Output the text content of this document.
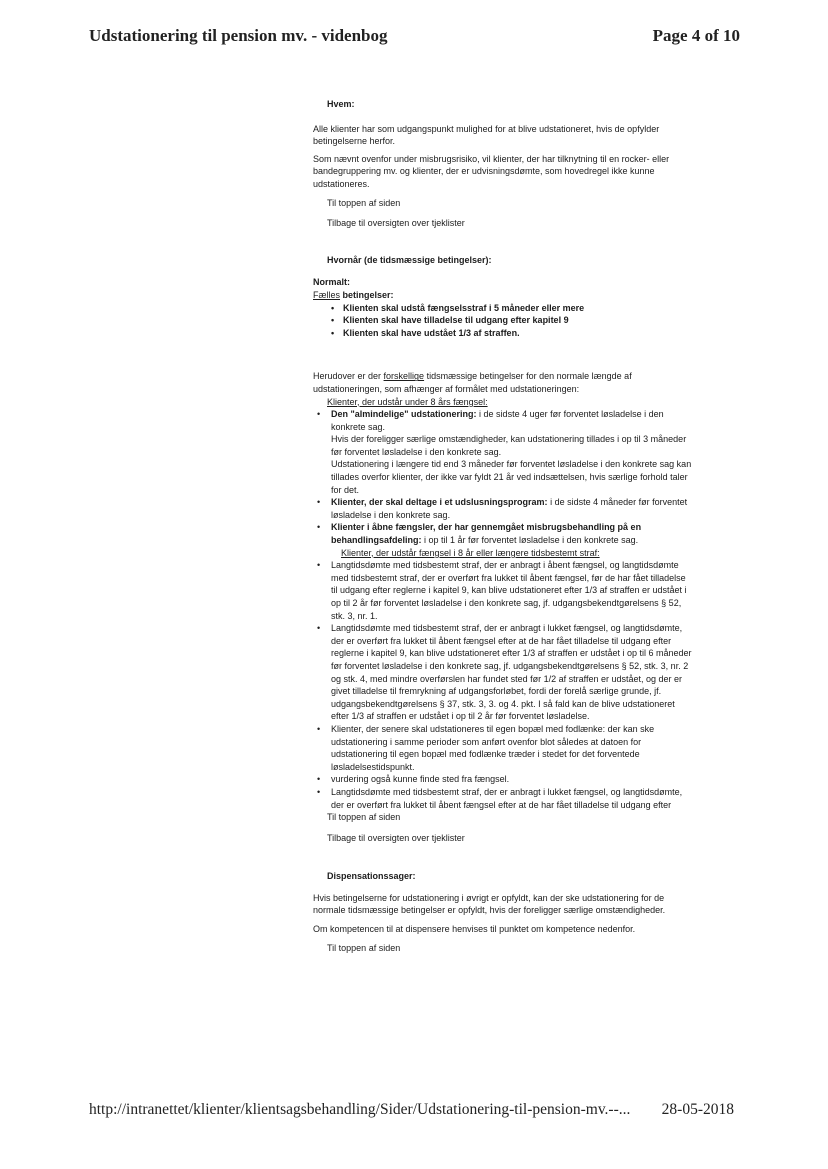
Udstationering til pension mv. - videnbog	Page 4 of 10

Hvem:

Alle klienter har som udgangspunkt mulighed for at blive udstationeret, hvis de opfylder betingelserne herfor.

Som nævnt ovenfor under misbrugsrisiko, vil klienter, der har tilknytning til en rocker- eller bandegruppering mv. og klienter, der er udvisningsdømte, som hovedregel ikke kunne udstationeres.

Til toppen af siden

Tilbage til oversigten over tjeklister

Hvornår (de tidsmæssige betingelser):

Normalt:

Fælles betingelser:

• Klienten skal udstå fængselsstraf i 5 måneder eller mere
• Klienten skal have tilladelse til udgang efter kapitel 9
• Klienten skal have udstået 1/3 af straffen.

Herudover er der forskellige tidsmæssige betingelser for den normale længde af udstationeringen, som afhænger af formålet med udstationeringen:

Klienter, der udstår under 8 års fængsel:

• Den "almindelige" udstationering: i de sidste 4 uger før forventet løsladelse i den konkrete sag.
Hvis der foreligger særlige omstændigheder, kan udstationering tillades i op til 3 måneder før forventet løsladelse i den konkrete sag.
Udstationering i længere tid end 3 måneder før forventet løsladelse i den konkrete sag kan tillades overfor klienter, der ikke var fyldt 21 år ved indsættelsen, hvis særlige forhold taler for det.
• Klienter, der skal deltage i et udslusningsprogram: i de sidste 4 måneder før forventet løsladelse i den konkrete sag.
• Klienter i åbne fængsler, der har gennemgået misbrugsbehandling på en behandlingsafdeling: i op til 1 år før forventet løsladelse i den konkrete sag.

Klienter, der udstår fængsel i 8 år eller længere tidsbestemt straf:

• Langtidsdømte med tidsbestemt straf, der er anbragt i åbent fængsel, og langtidsdømte med tidsbestemt straf, der er overført fra lukket til åbent fængsel, før de har fået tilladelse til udgang efter reglerne i kapitel 9, kan blive udstationeret efter 1/3 af straffen er udstået i op til 2 år før forventet løsladelse i den konkrete sag, jf. udgangsbekendtgørelsens § 52, stk. 3, nr. 1.
• Langtidsdømte med tidsbestemt straf, der er anbragt i lukket fængsel, og langtidsdømte, der er overført fra lukket til åbent fængsel efter at de har fået tilladelse til udgang efter reglerne i kapitel 9, kan blive udstationeret efter 1/3 af straffen er udstået i op til 6 måneder før forventet løsladelse i den konkrete sag, jf. udgangsbekendtgørelsens § 52, stk. 3, nr. 2 og stk. 4, med mindre overførslen har fundet sted før 1/2 af straffen er udstået, og der er givet tilladelse til fremrykning af udgangsforløbet, fordi der forelå særlige grunde, jf. udgangsbekendtgørelsens § 37, stk. 3, 3. og 4. pkt. I så fald kan de blive udstationeret efter 1/3 af straffen er udstået i op til 2 år før forventet løsladelse.
• Klienter, der senere skal udstationeres til egen bopæl med fodlænke: der kan ske udstationering i samme perioder som anført ovenfor blot således at datoen for udstationering til egen bopæl med fodlænke træder i stedet for det forventede løsladelsestidspunkt.
• vurdering også kunne finde sted fra fængsel.
• Langtidsdømte med tidsbestemt straf, der er anbragt i lukket fængsel, og langtidsdømte, der er overført fra lukket til åbent fængsel efter at de har fået tilladelse til udgang efter

Til toppen af siden

Tilbage til oversigten over tjeklister

Dispensationssager:

Hvis betingelserne for udstationering i øvrigt er opfyldt, kan der ske udstationering for de normale tidsmæssige betingelser er opfyldt, hvis der foreligger særlige omstændigheder.

Om kompetencen til at dispensere henvises til punktet om kompetence nedenfor.

Til toppen af siden

http://intranettet/klienter/klientsagsbehandling/Sider/Udstationering-til-pension-mv.--... 28-05-2018
